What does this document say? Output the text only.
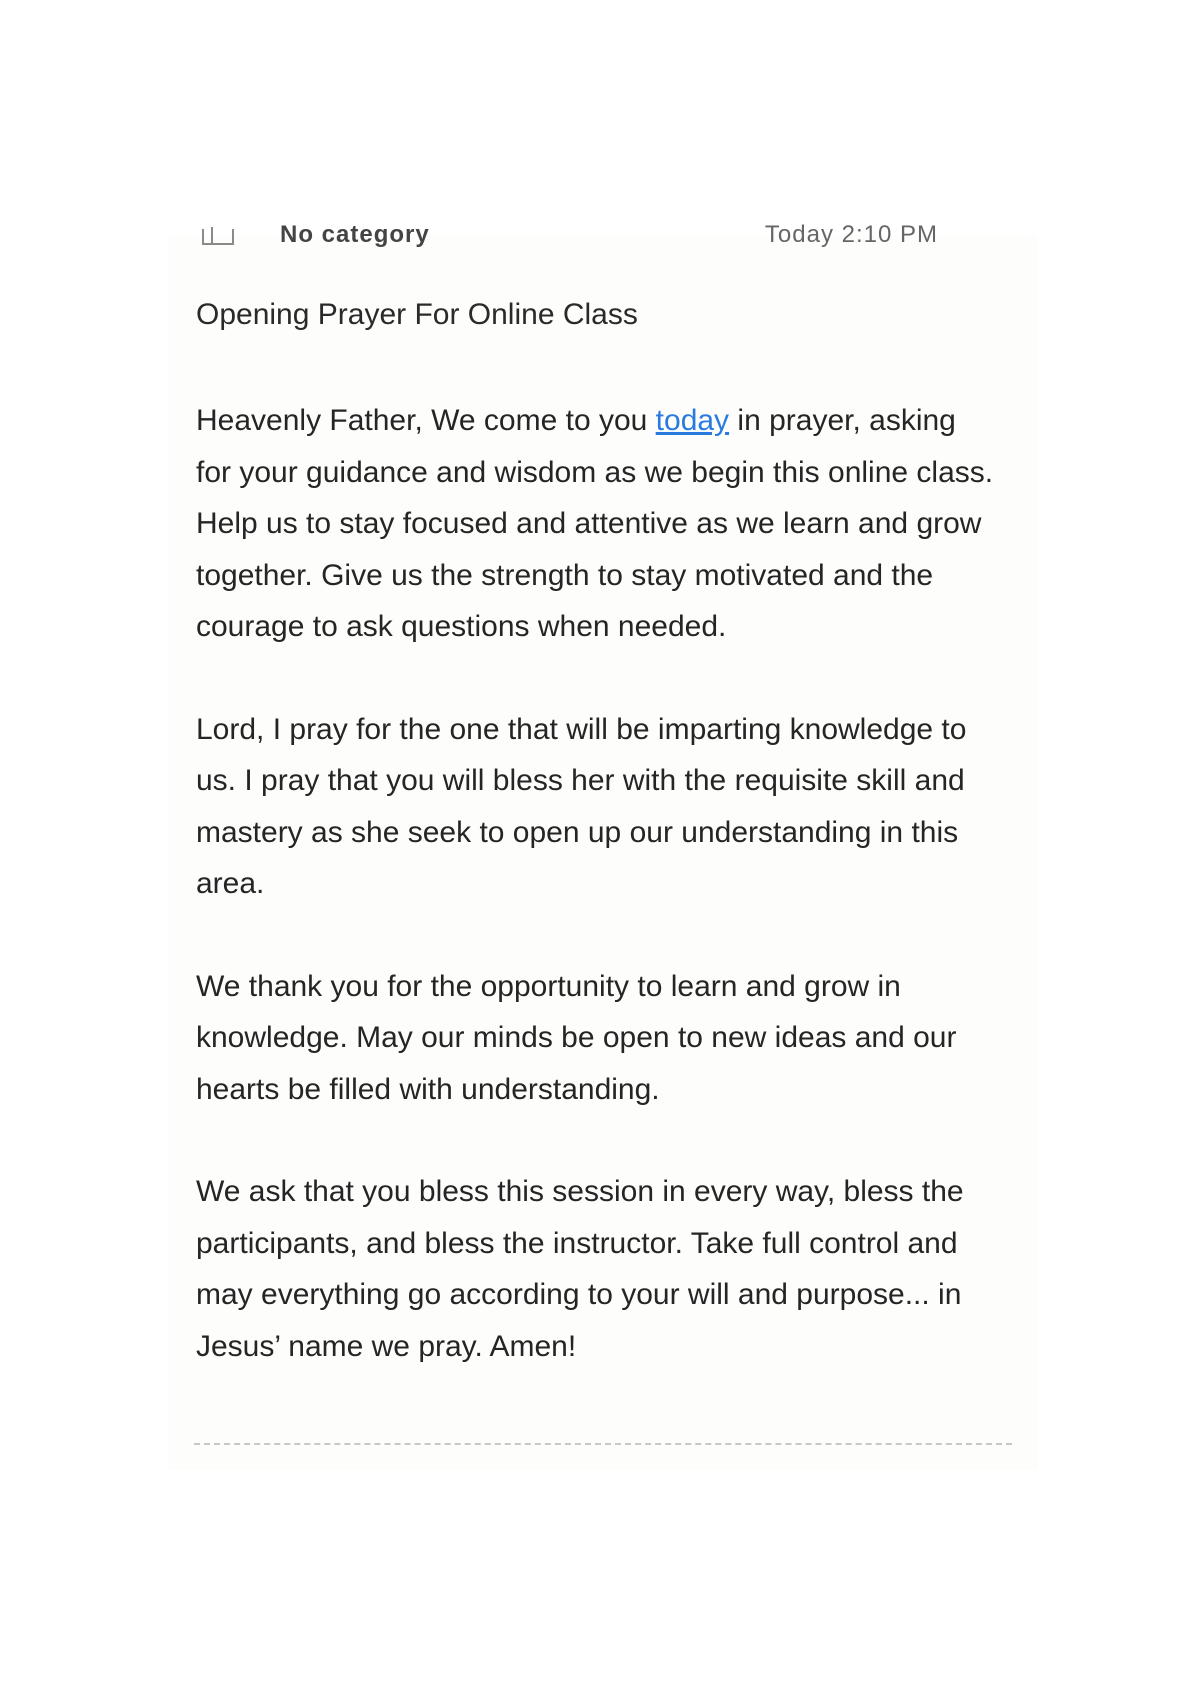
No category	Today 2:10 PM
Opening Prayer For Online Class

Heavenly Father, We come to you today in prayer, asking for your guidance and wisdom as we begin this online class. Help us to stay focused and attentive as we learn and grow together. Give us the strength to stay motivated and the courage to ask questions when needed.

Lord, I pray for the one that will be imparting knowledge to us. I pray that you will bless her with the requisite skill and mastery as she seek to open up our understanding in this area.

We thank you for the opportunity to learn and grow in knowledge. May our minds be open to new ideas and our hearts be filled with understanding.

We ask that you bless this session in every way, bless the participants, and bless the instructor. Take full control and may everything go according to your will and purpose... in Jesus’ name we pray. Amen!
